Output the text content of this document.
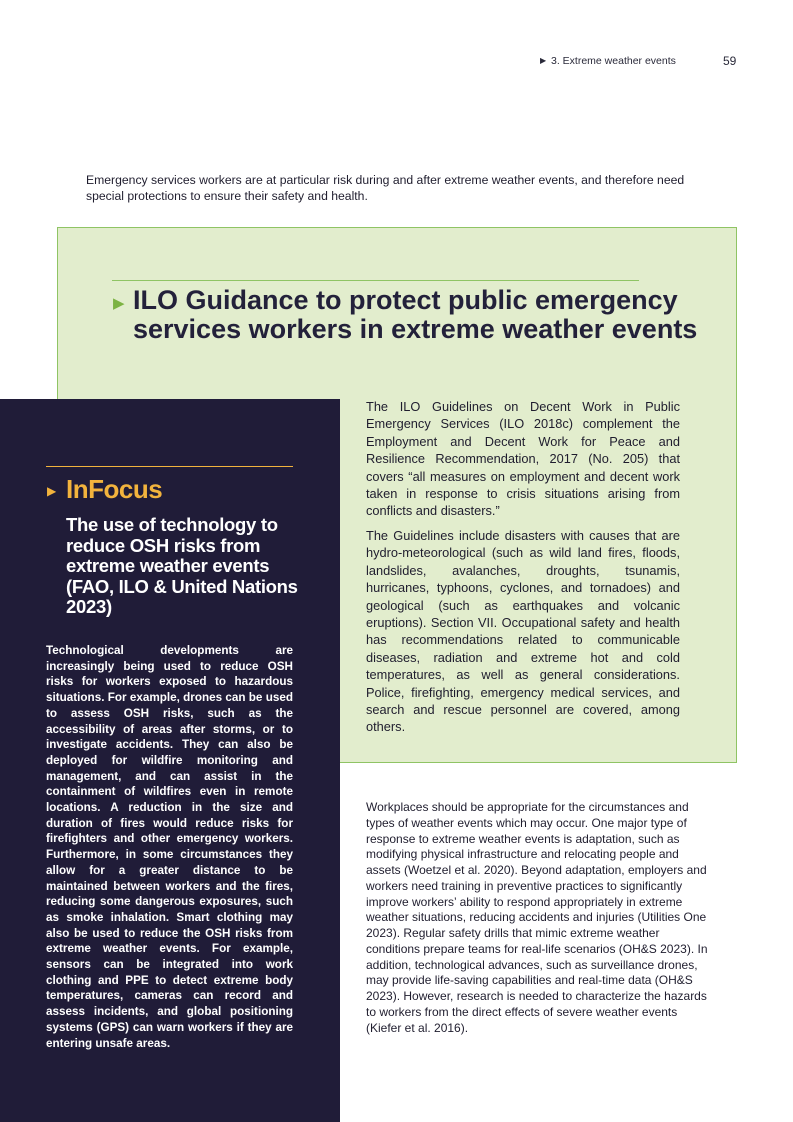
▶ 3. Extreme weather events	59

Emergency services workers are at particular risk during and after extreme weather events, and therefore need special protections to ensure their safety and health.

▶ ILO Guidance to protect public emergency services workers in extreme weather events

The ILO Guidelines on Decent Work in Public Emergency Services (ILO 2018c) complement the Employment and Decent Work for Peace and Resilience Recommendation, 2017 (No. 205) that covers “all measures on employment and decent work taken in response to crisis situations arising from conflicts and disasters.”

The Guidelines include disasters with causes that are hydro-meteorological (such as wild land fires, floods, landslides, avalanches, droughts, tsunamis, hurricanes, typhoons, cyclones, and tornadoes) and geological (such as earthquakes and volcanic eruptions). Section VII. Occupational safety and health has recommendations related to communicable diseases, radiation and extreme hot and cold temperatures, as well as general considerations. Police, firefighting, emergency medical services, and search and rescue personnel are covered, among others.

▶ InFocus
The use of technology to reduce OSH risks from extreme weather events (FAO, ILO & United Nations 2023)

Technological developments are increasingly being used to reduce OSH risks for workers exposed to hazardous situations. For example, drones can be used to assess OSH risks, such as the accessibility of areas after storms, or to investigate accidents. They can also be deployed for wildfire monitoring and management, and can assist in the containment of wildfires even in remote locations. A reduction in the size and duration of fires would reduce risks for firefighters and other emergency workers. Furthermore, in some circumstances they allow for a greater distance to be maintained between workers and the fires, reducing some dangerous exposures, such as smoke inhalation. Smart clothing may also be used to reduce the OSH risks from extreme weather events. For example, sensors can be integrated into work clothing and PPE to detect extreme body temperatures, cameras can record and assess incidents, and global positioning systems (GPS) can warn workers if they are entering unsafe areas.

Workplaces should be appropriate for the circumstances and types of weather events which may occur. One major type of response to extreme weather events is adaptation, such as modifying physical infrastructure and relocating people and assets (Woetzel et al. 2020). Beyond adaptation, employers and workers need training in preventive practices to significantly improve workers’ ability to respond appropriately in extreme weather situations, reducing accidents and injuries (Utilities One 2023). Regular safety drills that mimic extreme weather conditions prepare teams for real-life scenarios (OH&S 2023). In addition, technological advances, such as surveillance drones, may provide life-saving capabilities and real-time data (OH&S 2023). However, research is needed to characterize the hazards to workers from the direct effects of severe weather events (Kiefer et al. 2016).
